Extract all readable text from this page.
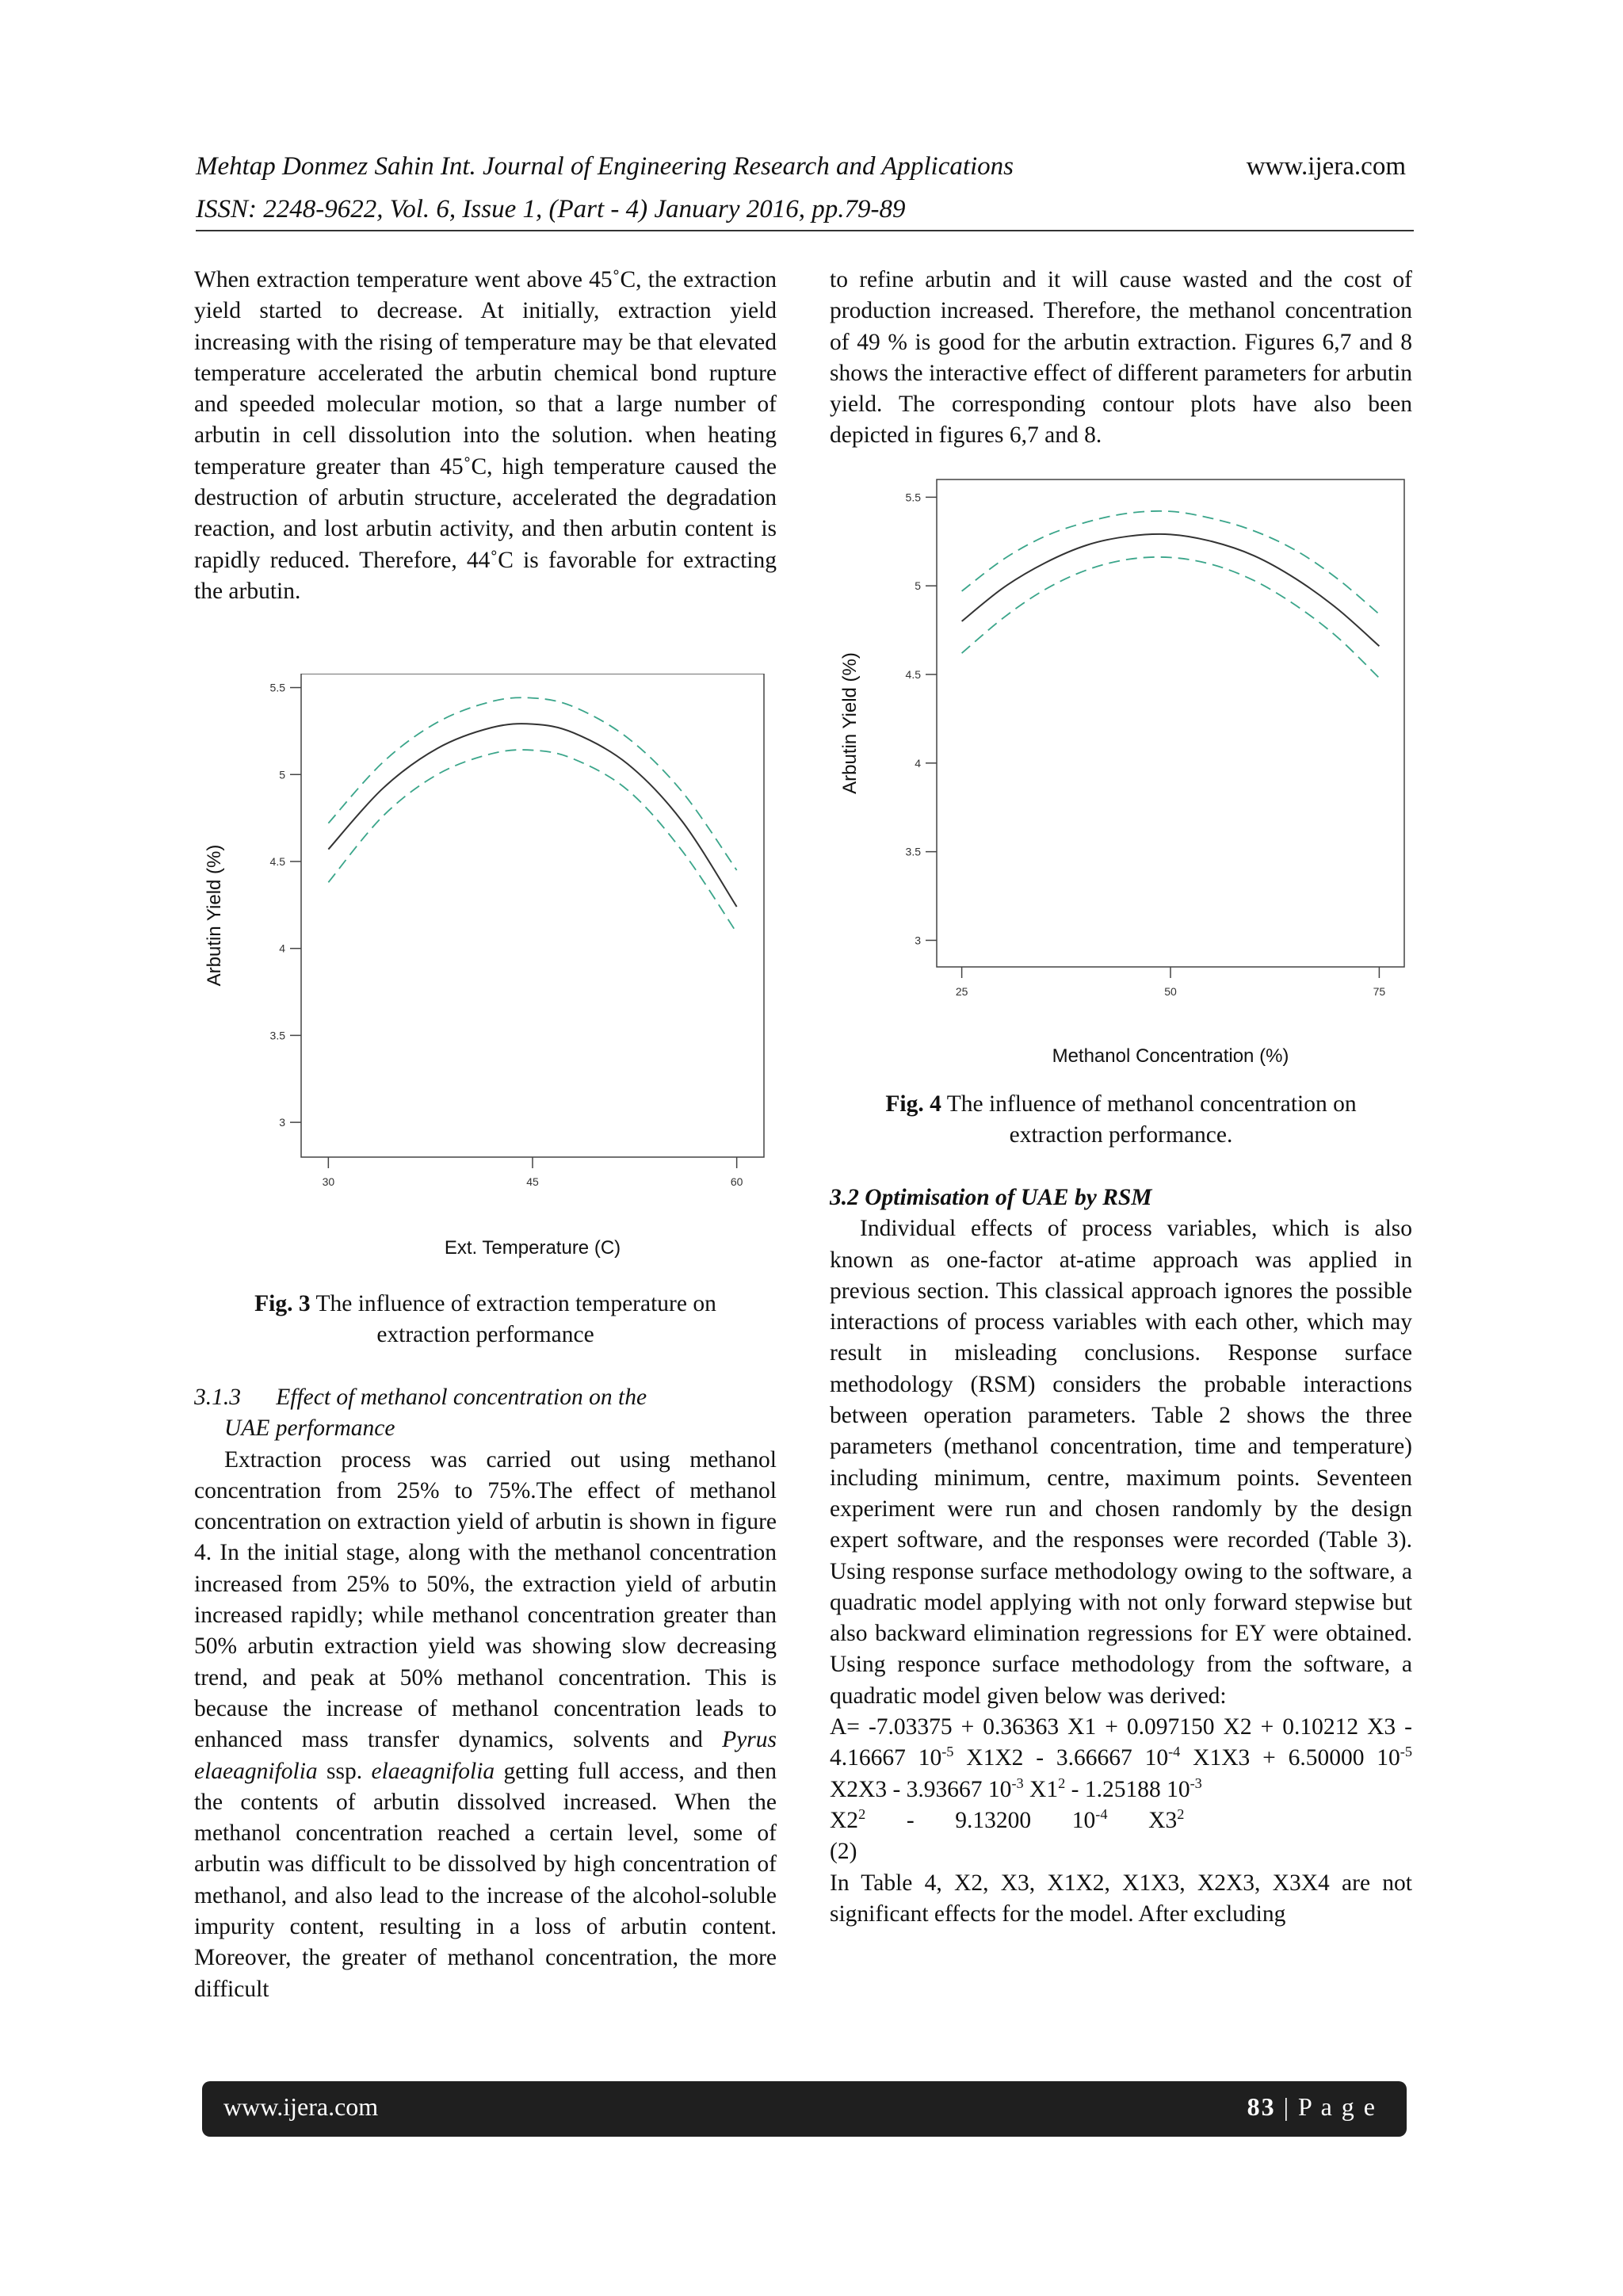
Mehtap Donmez Sahin Int. Journal of Engineering Research and Applications	www.ijera.com
ISSN: 2248-9622, Vol. 6, Issue 1, (Part - 4) January 2016, pp.79-89

When extraction temperature went above 45˚C, the extraction yield started to decrease. At initially, extraction yield increasing with the rising of temperature may be that elevated temperature accelerated the arbutin chemical bond rupture and speeded molecular motion, so that a large number of arbutin in cell dissolution into the solution. when heating temperature greater than 45˚C, high temperature caused the destruction of arbutin structure, accelerated the degradation reaction, and lost arbutin activity, and then arbutin content is rapidly reduced. Therefore, 44˚C is favorable for extracting the arbutin.

3
3.5
4
4.5
5
5.5
30	45	60
Ext. Temperature (C)
Arbutin Yield (%)

Fig. 3 The influence of extraction temperature on
extraction performance

3.1.3 Effect of methanol concentration on the
UAE performance

Extraction process was carried out using methanol concentration from 25% to 75%.The effect of methanol concentration on extraction yield of arbutin is shown in figure 4. In the initial stage, along with the methanol concentration increased from 25% to 50%, the extraction yield of arbutin increased rapidly; while methanol concentration greater than 50% arbutin extraction yield was showing slow decreasing trend, and peak at 50% methanol concentration. This is because the increase of methanol concentration leads to enhanced mass transfer dynamics, solvents and Pyrus elaeagnifolia ssp. elaeagnifolia getting full access, and then the contents of arbutin dissolved increased. When the methanol concentration reached a certain level, some of arbutin was difficult to be dissolved by high concentration of methanol, and also lead to the increase of the alcohol-soluble impurity content, resulting in a loss of arbutin content. Moreover, the greater of methanol concentration, the more difficult

to refine arbutin and it will cause wasted and the cost of production increased. Therefore, the methanol concentration of 49 % is good for the arbutin extraction. Figures 6,7 and 8 shows the interactive effect of different parameters for arbutin yield. The corresponding contour plots have also been depicted in figures 6,7 and 8.

3
3.5
4
4.5
5
5.5
25	50	75
Methanol Concentration (%)
Arbutin Yield (%)

Fig. 4 The influence of methanol concentration on
extraction performance.

3.2 Optimisation of UAE by RSM

Individual effects of process variables, which is also known as one-factor at-atime approach was applied in previous section. This classical approach ignores the possible interactions of process variables with each other, which may result in misleading conclusions. Response surface methodology (RSM) considers the probable interactions between operation parameters. Table 2 shows the three parameters (methanol concentration, time and temperature) including minimum, centre, maximum points. Seventeen experiment were run and chosen randomly by the design expert software, and the responses were recorded (Table 3). Using response surface methodology owing to the software, a quadratic model applying with not only forward stepwise but also backward elimination regressions for EY were obtained. Using responce surface methodology from the software, a quadratic model given below was derived:

A= -7.03375 + 0.36363 X1 + 0.097150 X2 + 0.10212 X3 - 4.16667 $10^{-5}$ X1X2 - 3.66667 $10^{-4}$ X1X3 + 6.50000 $10^{-5}$ X2X3 - 3.93667 $10^{-3}$ $X1^2 - 1.25188$ $10^{-3}$
$X2^2$       -       9.13200       $10^{-4}$       $X3^2$
(2)

In Table 4, X2, X3, X1X2, X1X3, X2X3, X3X4 are not significant effects for the model. After excluding

www.ijera.com	83 | P a g e
